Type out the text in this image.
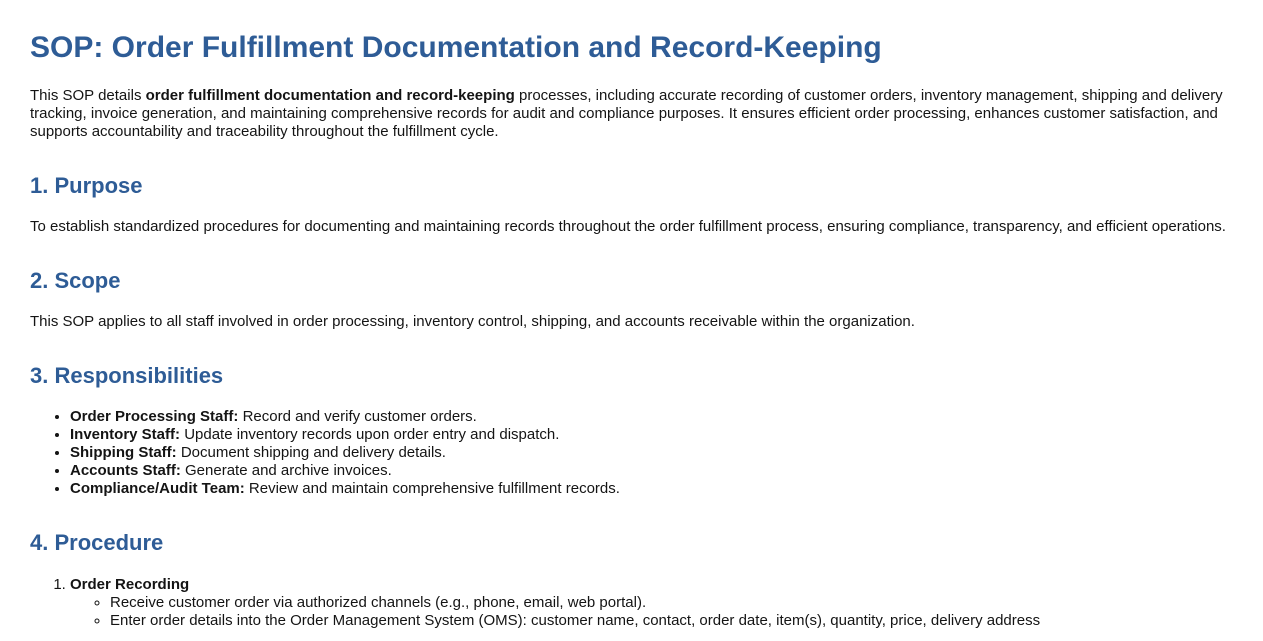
SOP: Order Fulfillment Documentation and Record-Keeping

This SOP details order fulfillment documentation and record-keeping processes, including accurate recording of customer orders, inventory management, shipping and delivery tracking, invoice generation, and maintaining comprehensive records for audit and compliance purposes. It ensures efficient order processing, enhances customer satisfaction, and supports accountability and traceability throughout the fulfillment cycle.

1. Purpose

To establish standardized procedures for documenting and maintaining records throughout the order fulfillment process, ensuring compliance, transparency, and efficient operations.

2. Scope

This SOP applies to all staff involved in order processing, inventory control, shipping, and accounts receivable within the organization.

3. Responsibilities
• Order Processing Staff: Record and verify customer orders.
• Inventory Staff: Update inventory records upon order entry and dispatch.
• Shipping Staff: Document shipping and delivery details.
• Accounts Staff: Generate and archive invoices.
• Compliance/Audit Team: Review and maintain comprehensive fulfillment records.
4. Procedure
1. Order Recording
◦ Receive customer order via authorized channels (e.g., phone, email, web portal).
◦ Enter order details into the Order Management System (OMS): customer name, contact, order date, item(s), quantity, price, delivery address
